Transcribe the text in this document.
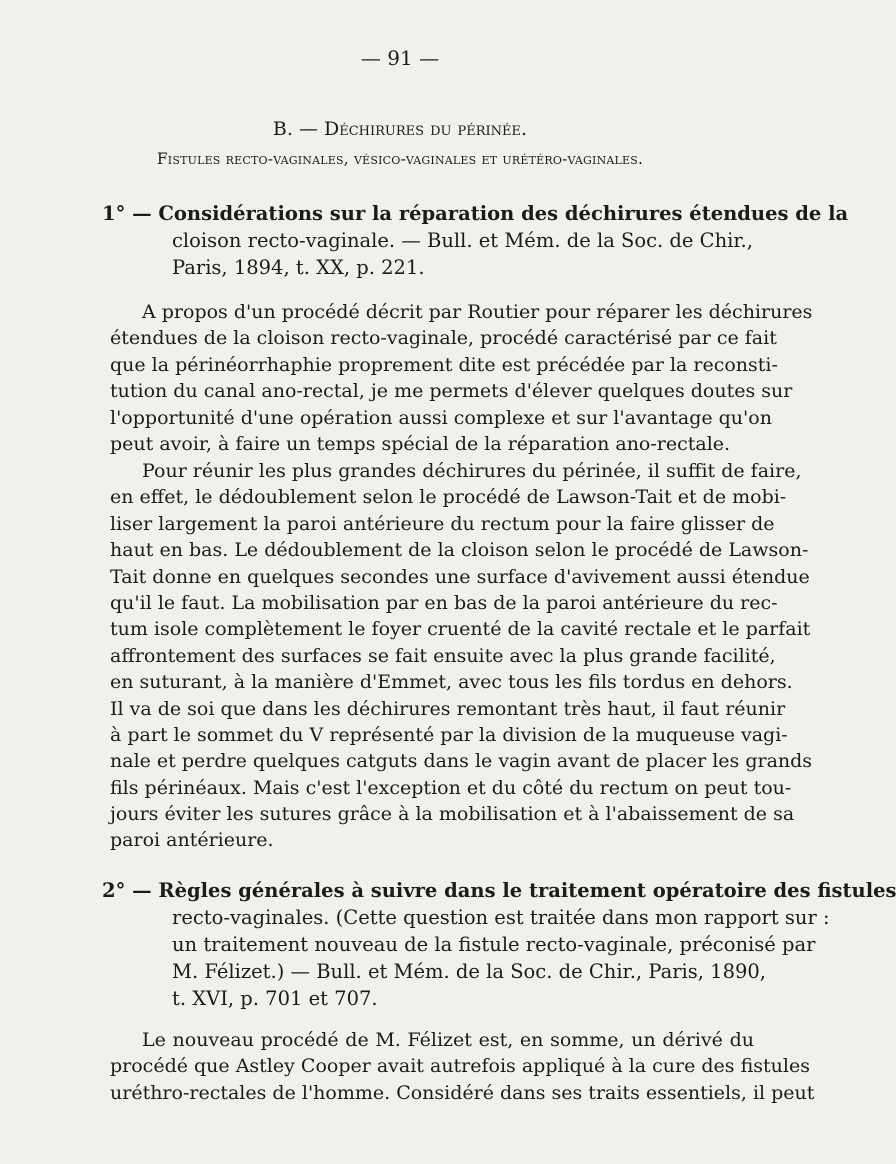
— 91 —
B. — Déchirures du périnée.
Fistules recto-vaginales, vésico-vaginales et urétéro-vaginales.
1° — Considérations sur la réparation des déchirures étendues de la
cloison recto-vaginale. — Bull. et Mém. de la Soc. de Chir.,
Paris, 1894, t. XX, p. 221.
A propos d'un procédé décrit par Routier pour réparer les déchirures
étendues de la cloison recto-vaginale, procédé caractérisé par ce fait
que la périnéorrhaphie proprement dite est précédée par la reconsti-
tution du canal ano-rectal, je me permets d'élever quelques doutes sur
l'opportunité d'une opération aussi complexe et sur l'avantage qu'on
peut avoir, à faire un temps spécial de la réparation ano-rectale.
Pour réunir les plus grandes déchirures du périnée, il suffit de faire,
en effet, le dédoublement selon le procédé de Lawson-Tait et de mobi-
liser largement la paroi antérieure du rectum pour la faire glisser de
haut en bas. Le dédoublement de la cloison selon le procédé de Lawson-
Tait donne en quelques secondes une surface d'avivement aussi étendue
qu'il le faut. La mobilisation par en bas de la paroi antérieure du rec-
tum isole complètement le foyer cruenté de la cavité rectale et le parfait
affrontement des surfaces se fait ensuite avec la plus grande facilité,
en suturant, à la manière d'Emmet, avec tous les fils tordus en dehors.
Il va de soi que dans les déchirures remontant très haut, il faut réunir
à part le sommet du V représenté par la division de la muqueuse vagi-
nale et perdre quelques catguts dans le vagin avant de placer les grands
fils périnéaux. Mais c'est l'exception et du côté du rectum on peut tou-
jours éviter les sutures grâce à la mobilisation et à l'abaissement de sa
paroi antérieure.
2° — Règles générales à suivre dans le traitement opératoire des fistules
recto-vaginales. (Cette question est traitée dans mon rapport sur :
un traitement nouveau de la fistule recto-vaginale, préconisé par
M. Félizet.) — Bull. et Mém. de la Soc. de Chir., Paris, 1890,
t. XVI, p. 701 et 707.
Le nouveau procédé de M. Félizet est, en somme, un dérivé du
procédé que Astley Cooper avait autrefois appliqué à la cure des fistules
uréthro-rectales de l'homme. Considéré dans ses traits essentiels, il peut
